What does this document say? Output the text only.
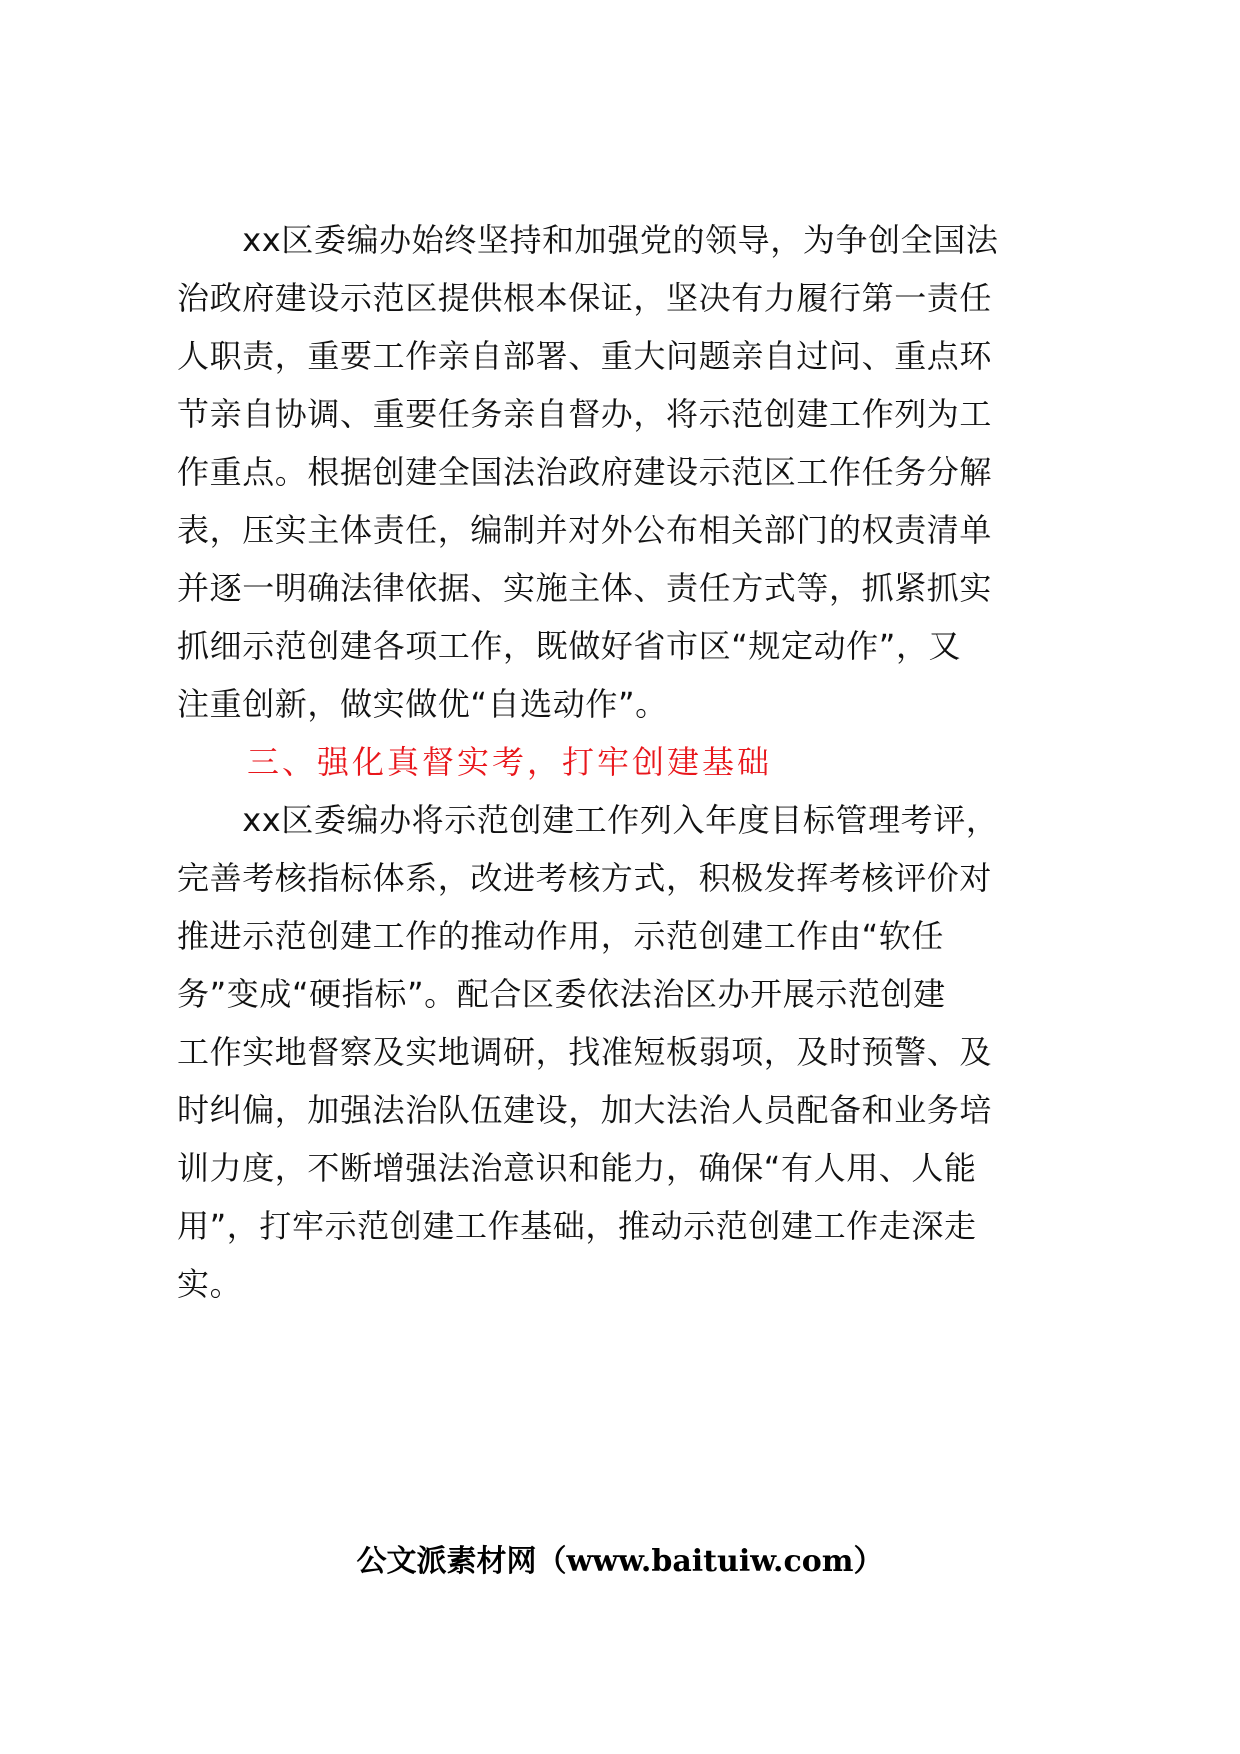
　　xx区委编办始终坚持和加强党的领导，为争创全国法
治政府建设示范区提供根本保证，坚决有力履行第一责任
人职责，重要工作亲自部署、重大问题亲自过问、重点环
节亲自协调、重要任务亲自督办，将示范创建工作列为工
作重点。根据创建全国法治政府建设示范区工作任务分解
表，压实主体责任，编制并对外公布相关部门的权责清单
并逐一明确法律依据、实施主体、责任方式等，抓紧抓实
抓细示范创建各项工作，既做好省市区“规定动作”，又
注重创新，做实做优“自选动作”。
　　三、强化真督实考，打牢创建基础
　　xx区委编办将示范创建工作列入年度目标管理考评，
完善考核指标体系，改进考核方式，积极发挥考核评价对
推进示范创建工作的推动作用，示范创建工作由“软任
务”变成“硬指标”。配合区委依法治区办开展示范创建
工作实地督察及实地调研，找准短板弱项，及时预警、及
时纠偏，加强法治队伍建设，加大法治人员配备和业务培
训力度，不断增强法治意识和能力，确保“有人用、人能
用”，打牢示范创建工作基础，推动示范创建工作走深走
实。
公文派素材网（www.baituiw.com）
